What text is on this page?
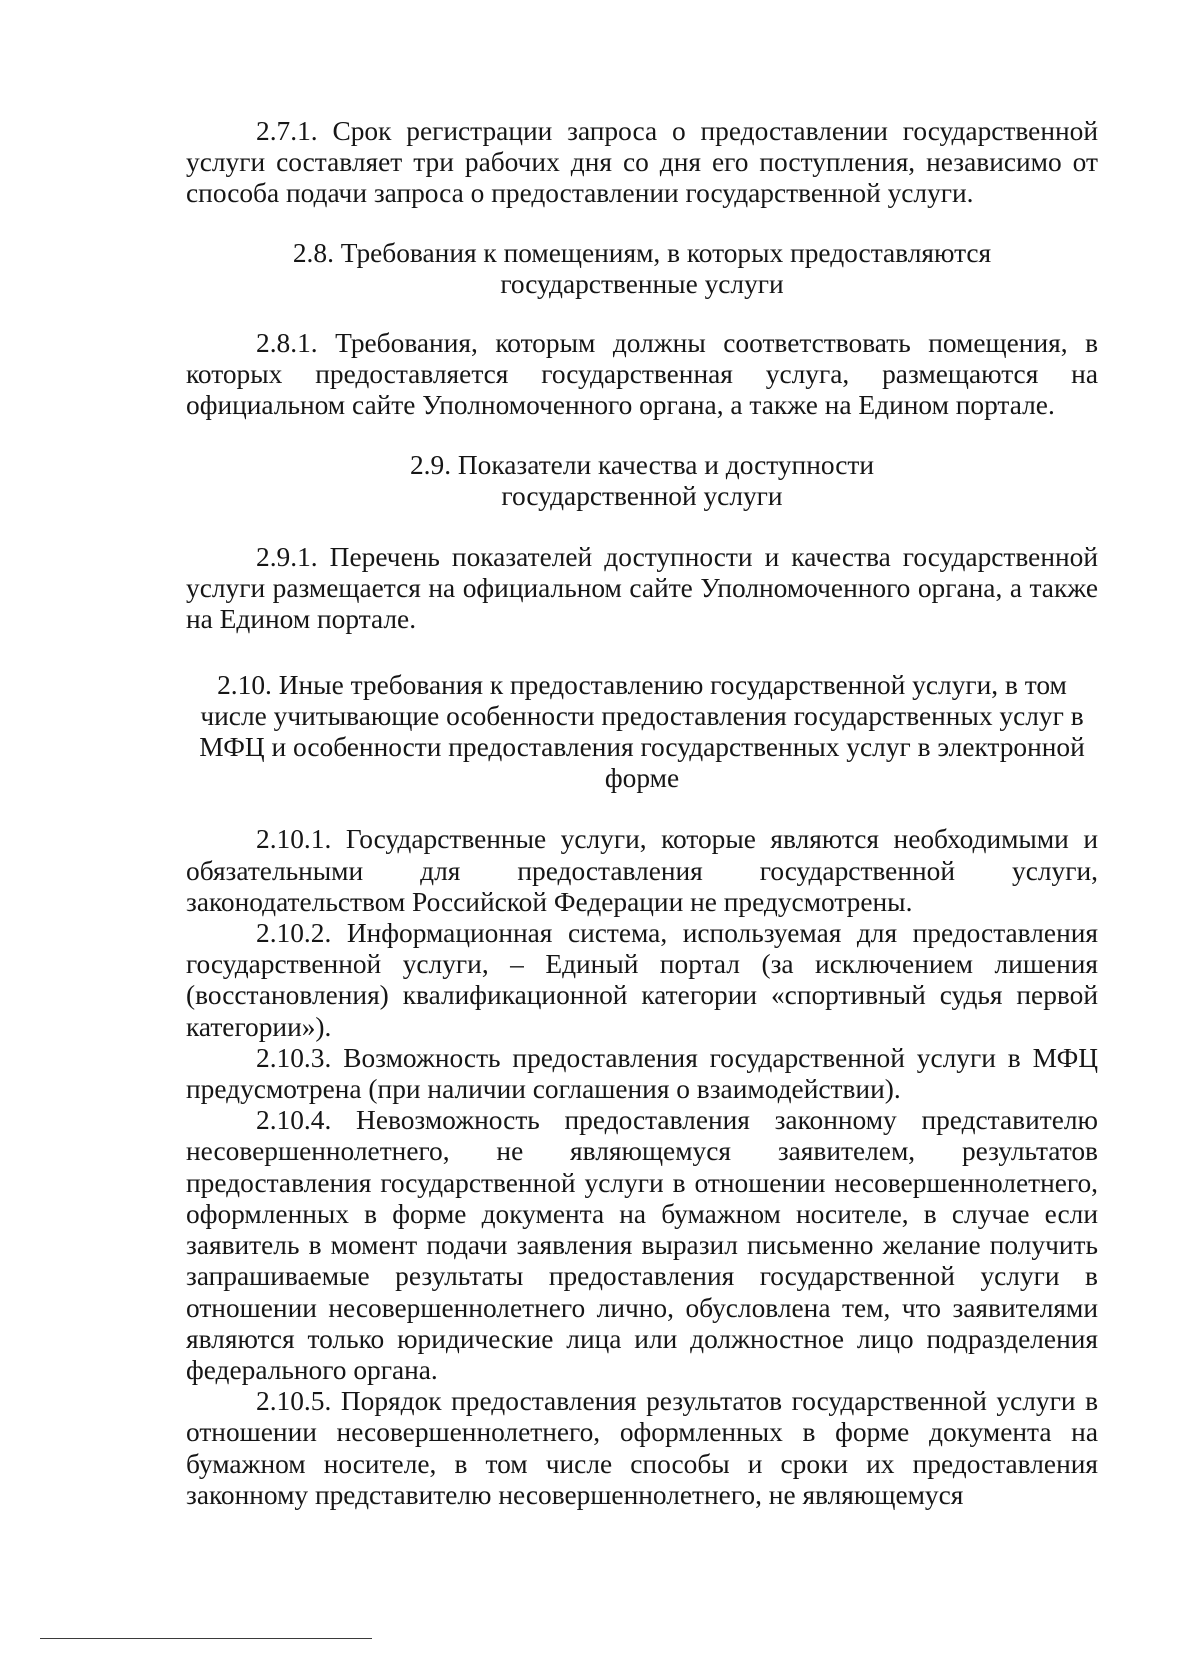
2.7.1. Срок регистрации запроса о предоставлении государственной услуги составляет три рабочих дня со дня его поступления, независимо от способа подачи запроса о предоставлении государственной услуги.

2.8. Требования к помещениям, в которых предоставляются
государственные услуги

2.8.1. Требования, которым должны соответствовать помещения, в которых предоставляется государственная услуга, размещаются на официальном сайте Уполномоченного органа, а также на Едином портале.

2.9. Показатели качества и доступности
государственной услуги

2.9.1. Перечень показателей доступности и качества государственной услуги размещается на официальном сайте Уполномоченного органа, а также на Едином портале.

2.10. Иные требования к предоставлению государственной услуги, в том
числе учитывающие особенности предоставления государственных услуг в
МФЦ и особенности предоставления государственных услуг в электронной
форме

2.10.1. Государственные услуги, которые являются необходимыми и обязательными для предоставления государственной услуги, законодательством Российской Федерации не предусмотрены.

2.10.2. Информационная система, используемая для предоставления государственной услуги, – Единый портал (за исключением лишения (восстановления) квалификационной категории «спортивный судья первой категории»).

2.10.3. Возможность предоставления государственной услуги в МФЦ предусмотрена (при наличии соглашения о взаимодействии).

2.10.4. Невозможность предоставления законному представителю несовершеннолетнего, не являющемуся заявителем, результатов предоставления государственной услуги в отношении несовершеннолетнего, оформленных в форме документа на бумажном носителе, в случае если заявитель в момент подачи заявления выразил письменно желание получить запрашиваемые результаты предоставления государственной услуги в отношении несовершеннолетнего лично, обусловлена тем, что заявителями являются только юридические лица или должностное лицо подразделения федерального органа.

2.10.5. Порядок предоставления результатов государственной услуги в отношении несовершеннолетнего, оформленных в форме документа на бумажном носителе, в том числе способы и сроки их предоставления законному представителю несовершеннолетнего, не являющемуся
